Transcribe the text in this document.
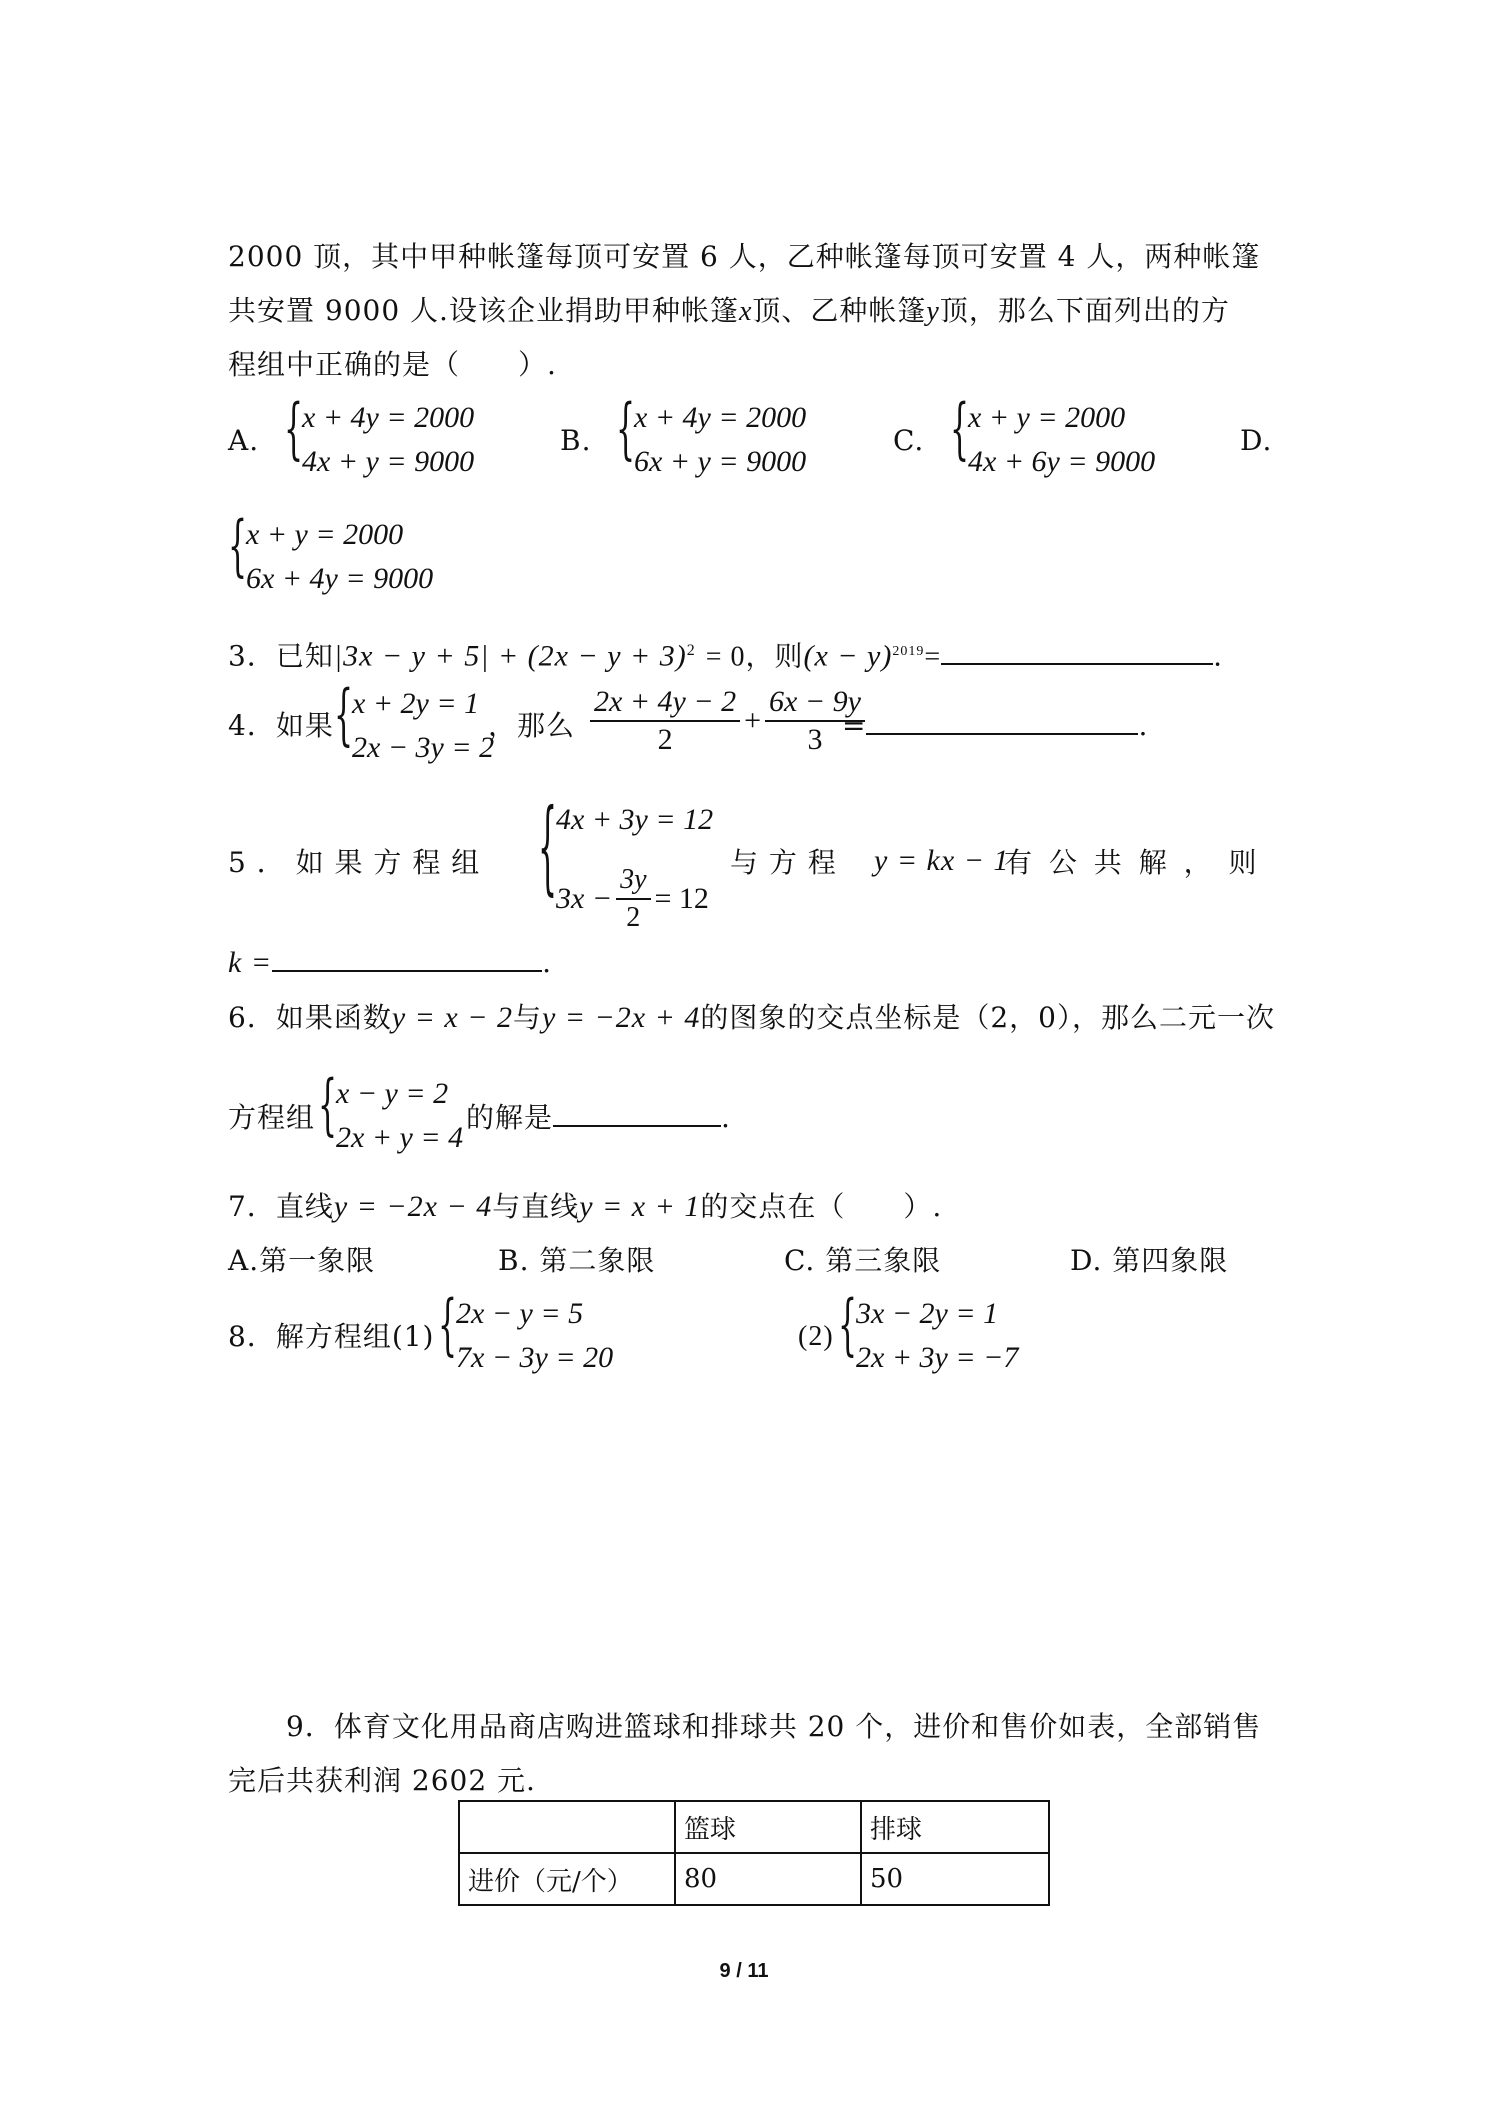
2000 顶，其中甲种帐篷每顶可安置 6 人，乙种帐篷每顶可安置 4 人，两种帐篷
共安置 9000 人.设该企业捐助甲种帐篷x顶、乙种帐篷y顶，那么下面列出的方
程组中正确的是（　　）.
A. {
x + 4y = 2000
4x + y = 9000
B. {
x + 4y = 2000
6x + y = 9000
C. {
x + y = 2000
4x + 6y = 9000
D.
{
x + y = 2000
6x + 4y = 9000
3．已知$|3x - y + 5| + (2x - y + 3)^2 = 0$，则$(x - y)^{2019}=$	.
4．如果 {
x + 2y = 1
2x − 3y = 2
，那么 $\frac{2x + 4y - 2}{2} + \frac{6x - 9y}{3}$
=	.
5 ． 如 果 方 程 组 {
4x + 3y = 12
$3x - \frac{3y}{2} = 12$
与 方 程 y = kx − 1
有 公 共 解 ， 则
k =	.
6．如果函数y = x − 2与y = −2x + 4的图象的交点坐标是（2，0），那么二元一次
方程组 {
x − y = 2
2x + y = 4
的解是	.
7．直线y = −2x − 4与直线y = x + 1的交点在（　　）.
A.第一象限	B. 第二象限	C. 第三象限	D. 第四象限
8．解方程组(1) {
2x − y = 5
7x − 3y = 20
(2) {
3x − 2y = 1
2x + 3y = −7
9．体育文化用品商店购进篮球和排球共 20 个，进价和售价如表，全部销售
完后共获利润 2602 元.
	篮球	排球
进价（元/个）	80	50
9 / 11
